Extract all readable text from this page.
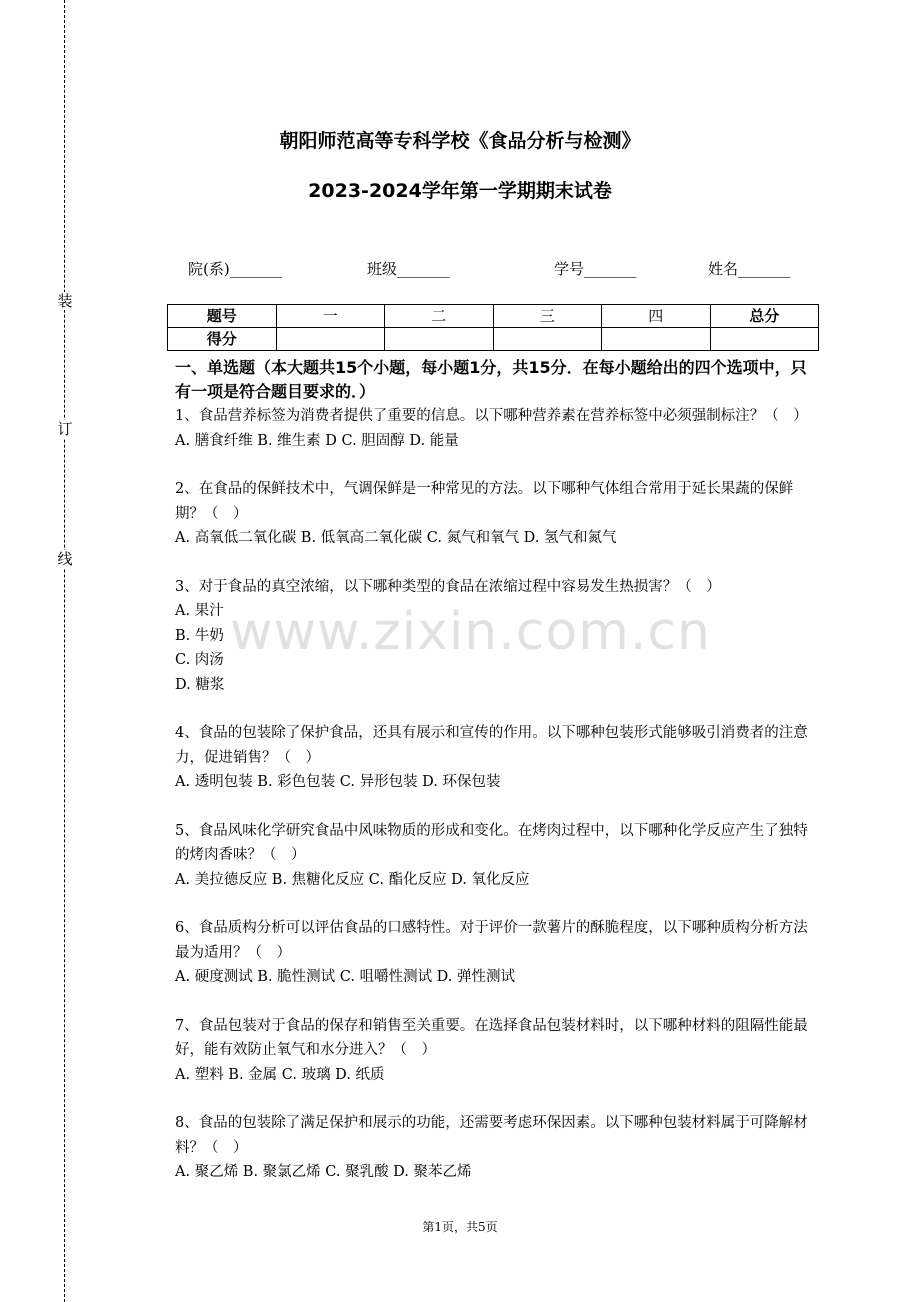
装
订
线
朝阳师范高等专科学校《食品分析与检测》
2023-2024学年第一学期期末试卷
院(系)_______	班级_______	学号_______	姓名_______
题号	一	二	三	四	总分
得分					
一、单选题（本大题共15个小题，每小题1分，共15分．在每小题给出的四个选项中，只有一项是符合题目要求的．）

1、食品营养标签为消费者提供了重要的信息。以下哪种营养素在营养标签中必须强制标注？（　）

A. 膳食纤维 B. 维生素 D C. 胆固醇 D. 能量

2、在食品的保鲜技术中，气调保鲜是一种常见的方法。以下哪种气体组合常用于延长果蔬的保鲜期？（　）

A. 高氧低二氧化碳 B. 低氧高二氧化碳 C. 氮气和氧气 D. 氢气和氮气

3、对于食品的真空浓缩，以下哪种类型的食品在浓缩过程中容易发生热损害？（　）

A. 果汁

B. 牛奶

C. 肉汤

D. 糖浆

4、食品的包装除了保护食品，还具有展示和宣传的作用。以下哪种包装形式能够吸引消费者的注意力，促进销售？（　）

A. 透明包装 B. 彩色包装 C. 异形包装 D. 环保包装

5、食品风味化学研究食品中风味物质的形成和变化。在烤肉过程中，以下哪种化学反应产生了独特的烤肉香味？（　）

A. 美拉德反应 B. 焦糖化反应 C. 酯化反应 D. 氧化反应

6、食品质构分析可以评估食品的口感特性。对于评价一款薯片的酥脆程度，以下哪种质构分析方法最为适用？（　）

A. 硬度测试 B. 脆性测试 C. 咀嚼性测试 D. 弹性测试

7、食品包装对于食品的保存和销售至关重要。在选择食品包装材料时，以下哪种材料的阻隔性能最好，能有效防止氧气和水分进入？（　）

A. 塑料 B. 金属 C. 玻璃 D. 纸质

8、食品的包装除了满足保护和展示的功能，还需要考虑环保因素。以下哪种包装材料属于可降解材料？（　）

A. 聚乙烯 B. 聚氯乙烯 C. 聚乳酸 D. 聚苯乙烯

www.zixin.com.cn
第1页，共5页
